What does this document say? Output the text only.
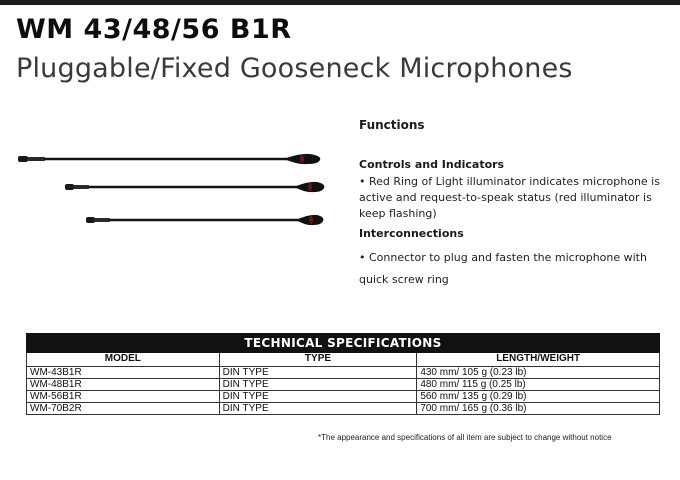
WM 43/48/56 B1R
Pluggable/Fixed Gooseneck Microphones
Functions
Controls and Indicators

• Red Ring of Light illuminator indicates microphone is active and request-to-speak status (red illuminator is keep flashing)

Interconnections

• Connector to plug and fasten the microphone with quick screw ring

TECHNICAL SPECIFICATIONS
MODEL	TYPE	LENGTH/WEIGHT
WM-43B1R	DIN TYPE	430 mm/ 105 g (0.23 lb)
WM-48B1R	DIN TYPE	480 mm/ 115 g (0.25 lb)
WM-56B1R	DIN TYPE	560 mm/ 135 g (0.29 lb)
WM-70B2R	DIN TYPE	700 mm/ 165 g (0.36 lb)
*The appearance and specifications of all item are subject to change without notice
